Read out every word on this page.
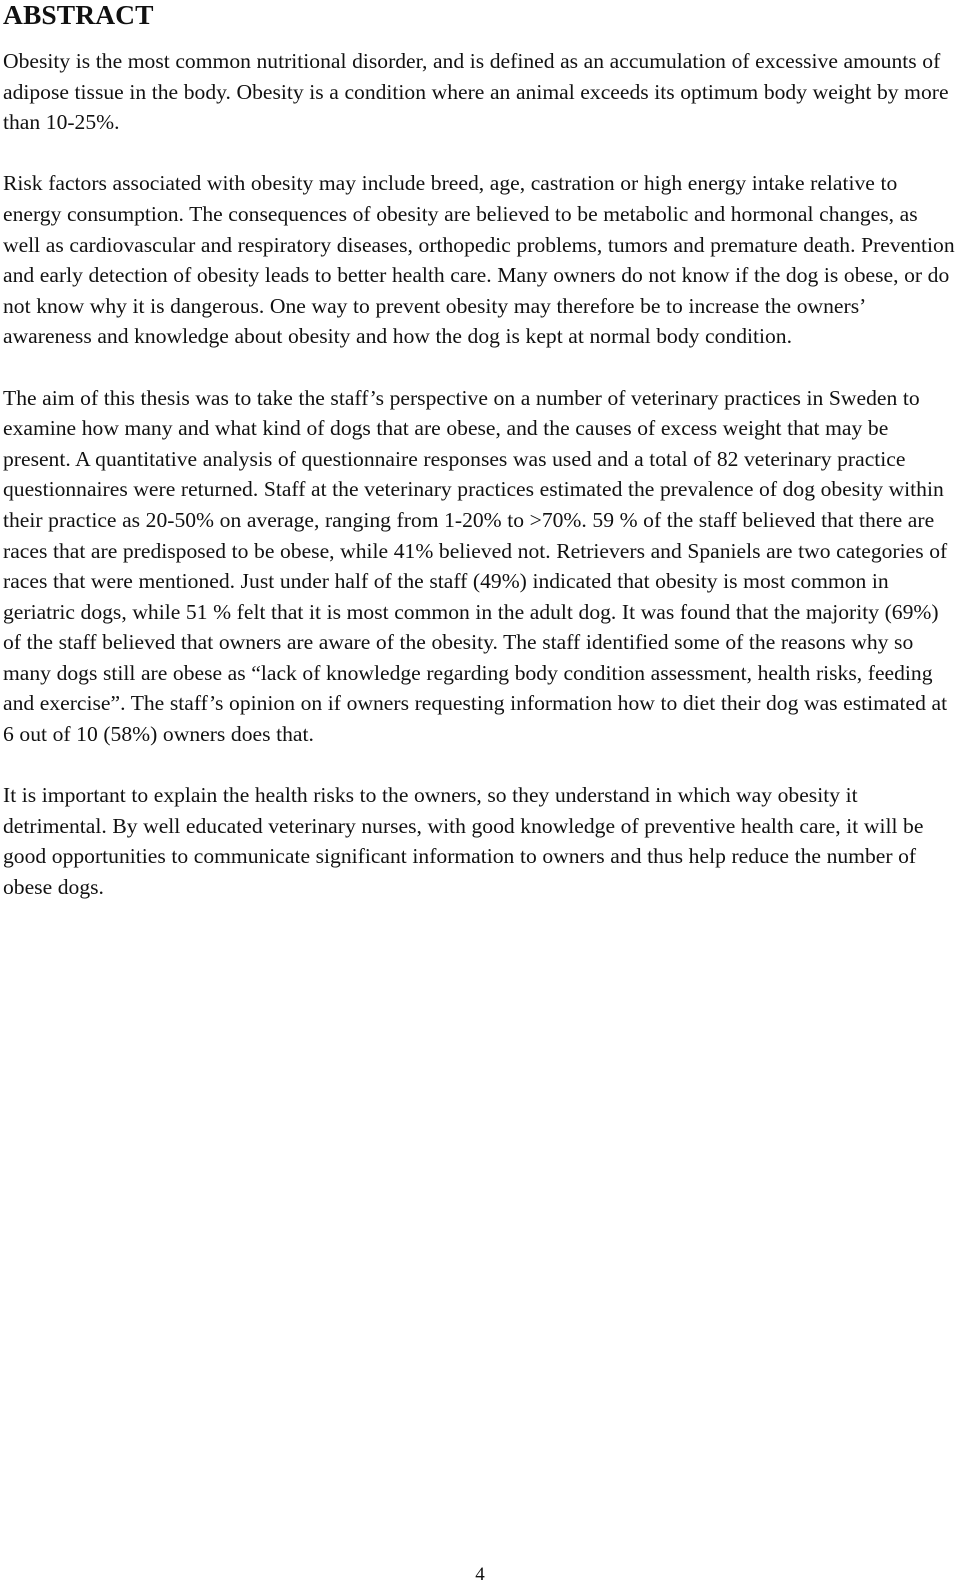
ABSTRACT

Obesity is the most common nutritional disorder, and is defined as an accumulation of excessive amounts of adipose tissue in the body. Obesity is a condition where an animal exceeds its optimum body weight by more than 10-25%.

Risk factors associated with obesity may include breed, age, castration or high energy intake relative to energy consumption. The consequences of obesity are believed to be metabolic and hormonal changes, as well as cardiovascular and respiratory diseases, orthopedic problems, tumors and premature death. Prevention and early detection of obesity leads to better health care. Many owners do not know if the dog is obese, or do not know why it is dangerous. One way to prevent obesity may therefore be to increase the owners’ awareness and knowledge about obesity and how the dog is kept at normal body condition.

The aim of this thesis was to take the staff’s perspective on a number of veterinary practices in Sweden to examine how many and what kind of dogs that are obese, and the causes of excess weight that may be present. A quantitative analysis of questionnaire responses was used and a total of 82 veterinary practice questionnaires were returned. Staff at the veterinary practices estimated the prevalence of dog obesity within their practice as 20-50% on average, ranging from 1-20% to >70%. 59 % of the staff believed that there are races that are predisposed to be obese, while 41% believed not. Retrievers and Spaniels are two categories of races that were mentioned. Just under half of the staff (49%) indicated that obesity is most common in geriatric dogs, while 51 % felt that it is most common in the adult dog. It was found that the majority (69%) of the staff believed that owners are aware of the obesity. The staff identified some of the reasons why so many dogs still are obese as “lack of knowledge regarding body condition assessment, health risks, feeding and exercise”. The staff’s opinion on if owners requesting information how to diet their dog was estimated at 6 out of 10 (58%) owners does that.

It is important to explain the health risks to the owners, so they understand in which way obesity it detrimental. By well educated veterinary nurses, with good knowledge of preventive health care, it will be good opportunities to communicate significant information to owners and thus help reduce the number of obese dogs.

4
